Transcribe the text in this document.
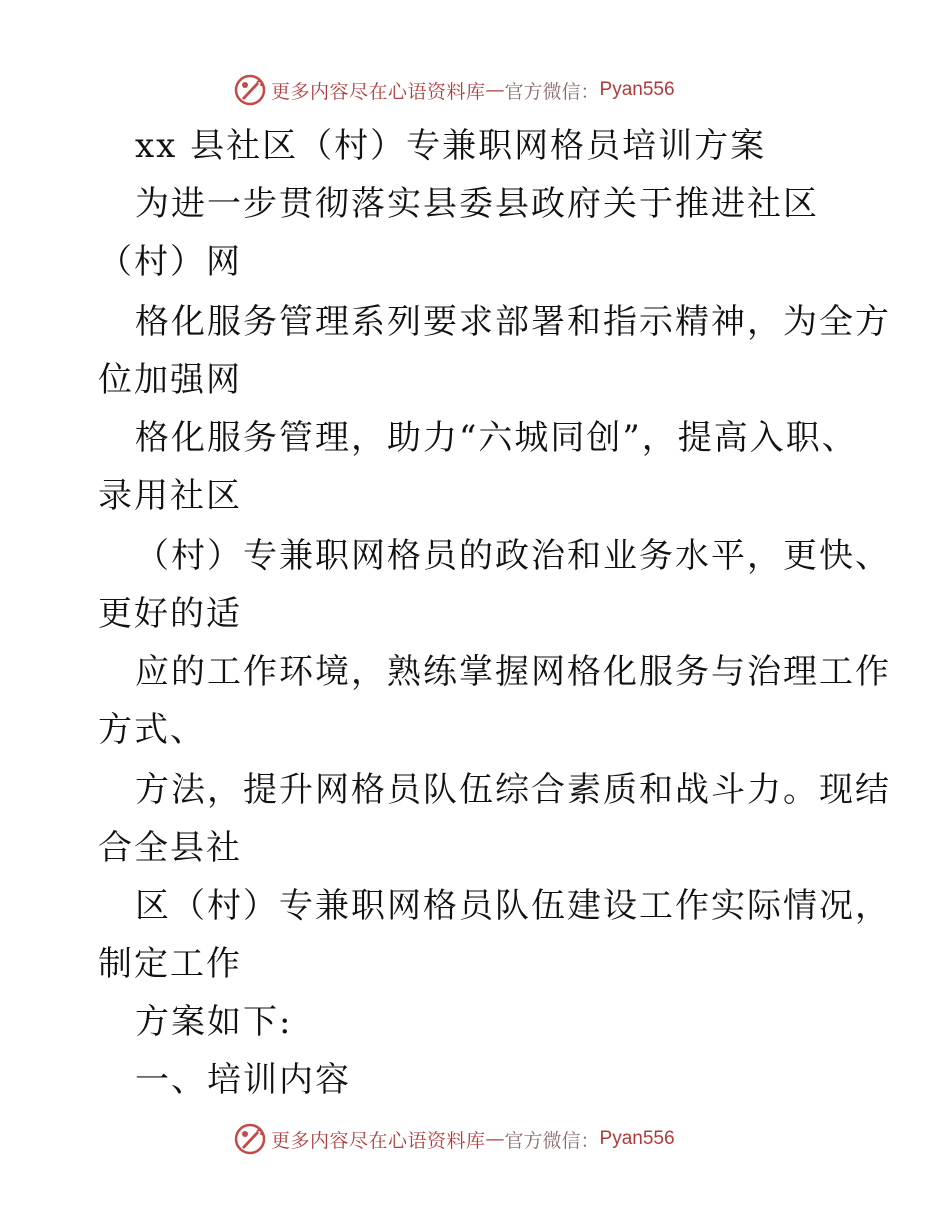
更多内容尽在心语资料库 — 官方微信： Pyan556
xx 县社区（村）专兼职网格员培训方案
为进一步贯彻落实县委县政府关于推进社区
（村）网
格化服务管理系列要求部署和指示精神，为全方
位加强网
格化服务管理，助力“六城同创”，提高入职、
录用社区
（村）专兼职网格员的政治和业务水平，更快、
更好的适
应的工作环境，熟练掌握网格化服务与治理工作
方式、
方法，提升网格员队伍综合素质和战斗力。现结
合全县社
区（村）专兼职网格员队伍建设工作实际情况，
制定工作
方案如下:
一、培训内容
更多内容尽在心语资料库 — 官方微信： Pyan556
